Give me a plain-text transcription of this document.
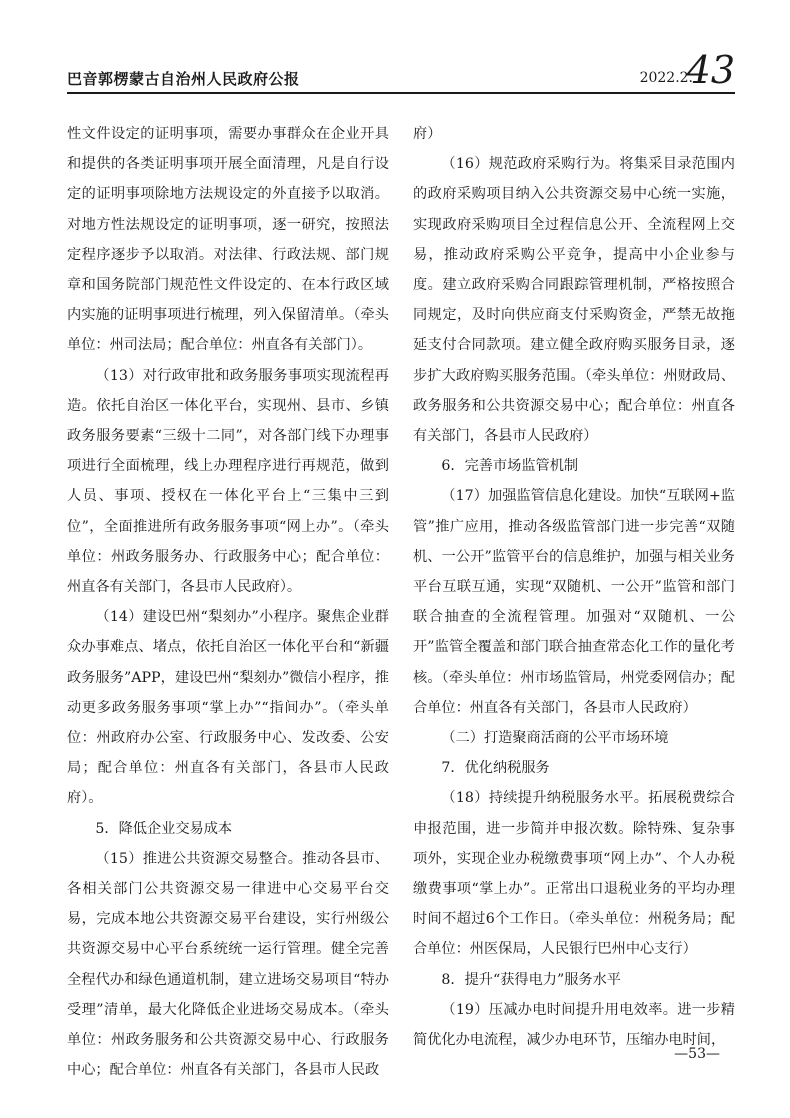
巴音郭楞蒙古自治州人民政府公报	2022.2.
43

性文件设定的证明事项，需要办事群众在企业开具和提供的各类证明事项开展全面清理，凡是自行设定的证明事项除地方法规设定的外直接予以取消。对地方性法规设定的证明事项，逐一研究，按照法定程序逐步予以取消。对法律、行政法规、部门规章和国务院部门规范性文件设定的、在本行政区域内实施的证明事项进行梳理，列入保留清单。（牵头单位：州司法局；配合单位：州直各有关部门）。

（13）对行政审批和政务服务事项实现流程再造。依托自治区一体化平台，实现州、县市、乡镇政务服务要素“三级十二同”，对各部门线下办理事项进行全面梳理，线上办理程序进行再规范，做到人员、事项、授权在一体化平台上“三集中三到位”，全面推进所有政务服务事项“网上办”。（牵头单位：州政务服务办、行政服务中心；配合单位：州直各有关部门，各县市人民政府）。

（14）建设巴州“梨刻办”小程序。聚焦企业群众办事难点、堵点，依托自治区一体化平台和“新疆政务服务”APP，建设巴州“梨刻办”微信小程序，推动更多政务服务事项“掌上办”“指间办”。（牵头单位：州政府办公室、行政服务中心、发改委、公安局；配合单位：州直各有关部门，各县市人民政府）。

5．降低企业交易成本

（15）推进公共资源交易整合。推动各县市、各相关部门公共资源交易一律进中心交易平台交易，完成本地公共资源交易平台建设，实行州级公共资源交易中心平台系统统一运行管理。健全完善全程代办和绿色通道机制，建立进场交易项目“特办受理”清单，最大化降低企业进场交易成本。（牵头单位：州政务服务和公共资源交易中心、行政服务中心；配合单位：州直各有关部门，各县市人民政

府）

（16）规范政府采购行为。将集采目录范围内的政府采购项目纳入公共资源交易中心统一实施，实现政府采购项目全过程信息公开、全流程网上交易，推动政府采购公平竞争，提高中小企业参与度。建立政府采购合同跟踪管理机制，严格按照合同规定，及时向供应商支付采购资金，严禁无故拖延支付合同款项。建立健全政府购买服务目录，逐步扩大政府购买服务范围。（牵头单位：州财政局、政务服务和公共资源交易中心；配合单位：州直各有关部门，各县市人民政府）

6．完善市场监管机制

（17）加强监管信息化建设。加快“互联网+监管”推广应用，推动各级监管部门进一步完善“双随机、一公开”监管平台的信息维护，加强与相关业务平台互联互通，实现“双随机、一公开”监管和部门联合抽查的全流程管理。加强对“双随机、一公开”监管全覆盖和部门联合抽查常态化工作的量化考核。（牵头单位：州市场监管局，州党委网信办；配合单位：州直各有关部门，各县市人民政府）

（二）打造聚商活商的公平市场环境

7．优化纳税服务

（18）持续提升纳税服务水平。拓展税费综合申报范围，进一步简并申报次数。除特殊、复杂事项外，实现企业办税缴费事项“网上办”、个人办税缴费事项“掌上办”。正常出口退税业务的平均办理时间不超过6个工作日。（牵头单位：州税务局；配合单位：州医保局，人民银行巴州中心支行）

8．提升“获得电力”服务水平

（19）压减办电时间提升用电效率。进一步精简优化办电流程，减少办电环节，压缩办电时间，

—53—
